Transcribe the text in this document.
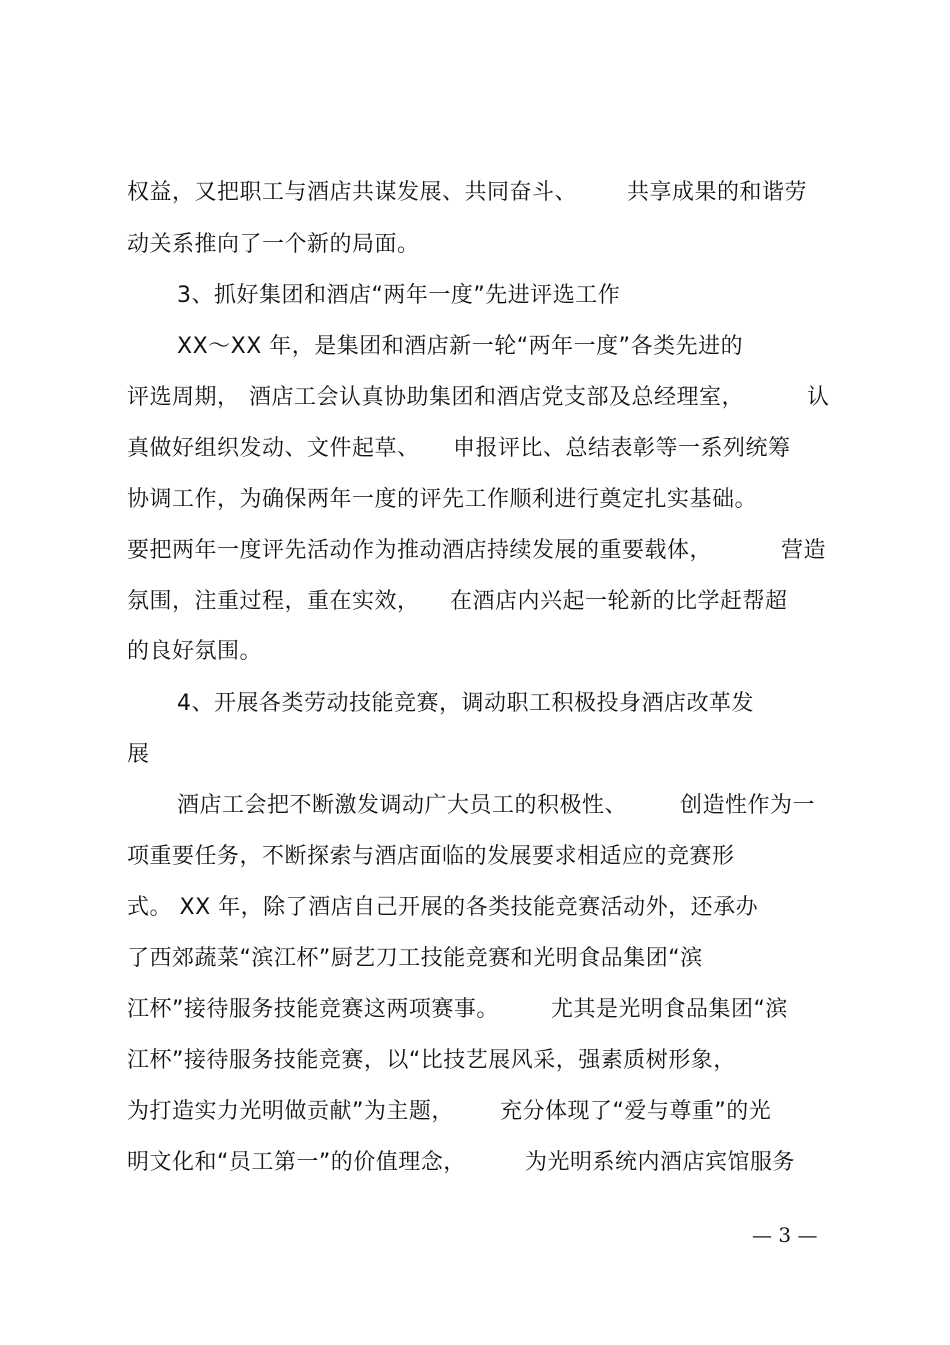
权益，又把职工与酒店共谋发展、共同奋斗、

共享成果的和谐劳

动关系推向了一个新的局面。

3、抓好集团和酒店“两年一度”先进评选工作

XX～XX 年，是集团和酒店新一轮“两年一度”各类先进的

评选周期，

酒店工会认真协助集团和酒店党支部及总经理室，

	认

真做好组织发动、文件起草、

申报评比、总结表彰等一系列统筹

协调工作，为确保两年一度的评先工作顺利进行奠定扎实基础。

要把两年一度评先活动作为推动酒店持续发展的重要载体，

	营造

氛围，注重过程，重在实效，

在酒店内兴起一轮新的比学赶帮超

的良好氛围。

4、开展各类劳动技能竞赛，调动职工积极投身酒店改革发

展

酒店工会把不断激发调动广大员工的积极性、

创造性作为一

项重要任务，不断探索与酒店面临的发展要求相适应的竞赛形

式。 XX 年，除了酒店自己开展的各类技能竞赛活动外，还承办

了西郊蔬菜“滨江杯”厨艺刀工技能竞赛和光明食品集团“滨

江杯”接待服务技能竞赛这两项赛事。

尤其是光明食品集团“滨

江杯”接待服务技能竞赛，以“比技艺展风采，强素质树形象，

为打造实力光明做贡献”为主题，

充分体现了“爱与尊重”的光

明文化和“员工第一”的价值理念，

	为光明系统内酒店宾馆服务

— 3 —
